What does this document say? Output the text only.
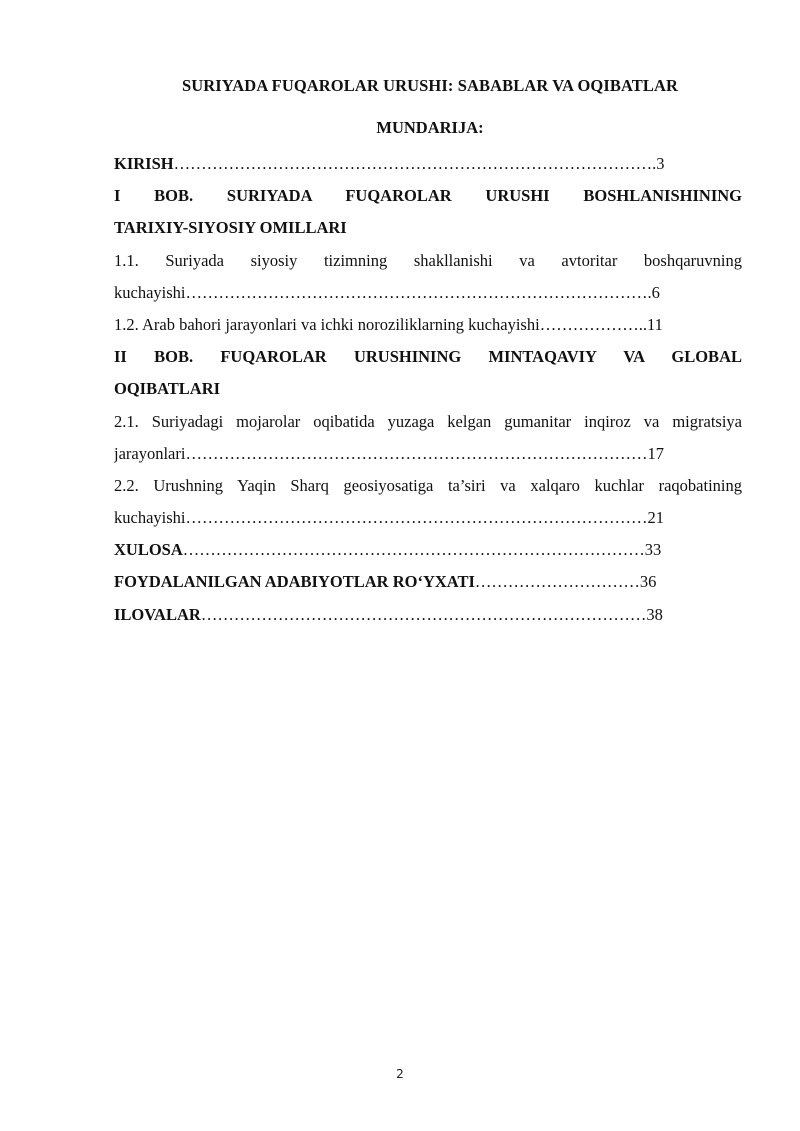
SURIYADA FUQAROLAR URUSHI: SABABLAR VA OQIBATLAR
MUNDARIJA:
KIRISH…………………………………………………………………………….3
I BOB. SURIYADA FUQAROLAR URUSHI BOSHLANISHINING
TARIXIY-SIYOSIY OMILLARI
1.1. Suriyada siyosiy tizimning shakllanishi va avtoritar boshqaruvning
kuchayishi………………………………………………………………………….6
1.2. Arab bahori jarayonlari va ichki noroziliklarning kuchayishi………………..11
II BOB. FUQAROLAR URUSHINING MINTAQAVIY VA GLOBAL
OQIBATLARI
2.1. Suriyadagi mojarolar oqibatida yuzaga kelgan gumanitar inqiroz va migratsiya
jarayonlari…………………………………………………………………………17
2.2. Urushning Yaqin Sharq geosiyosatiga ta’siri va xalqaro kuchlar raqobatining
kuchayishi…………………………………………………………………………21
XULOSA…………………………………………………………………………33
FOYDALANILGAN ADABIYOTLAR RO‘YXATI…………………………36
ILOVALAR………………………………………………………………………38
2
